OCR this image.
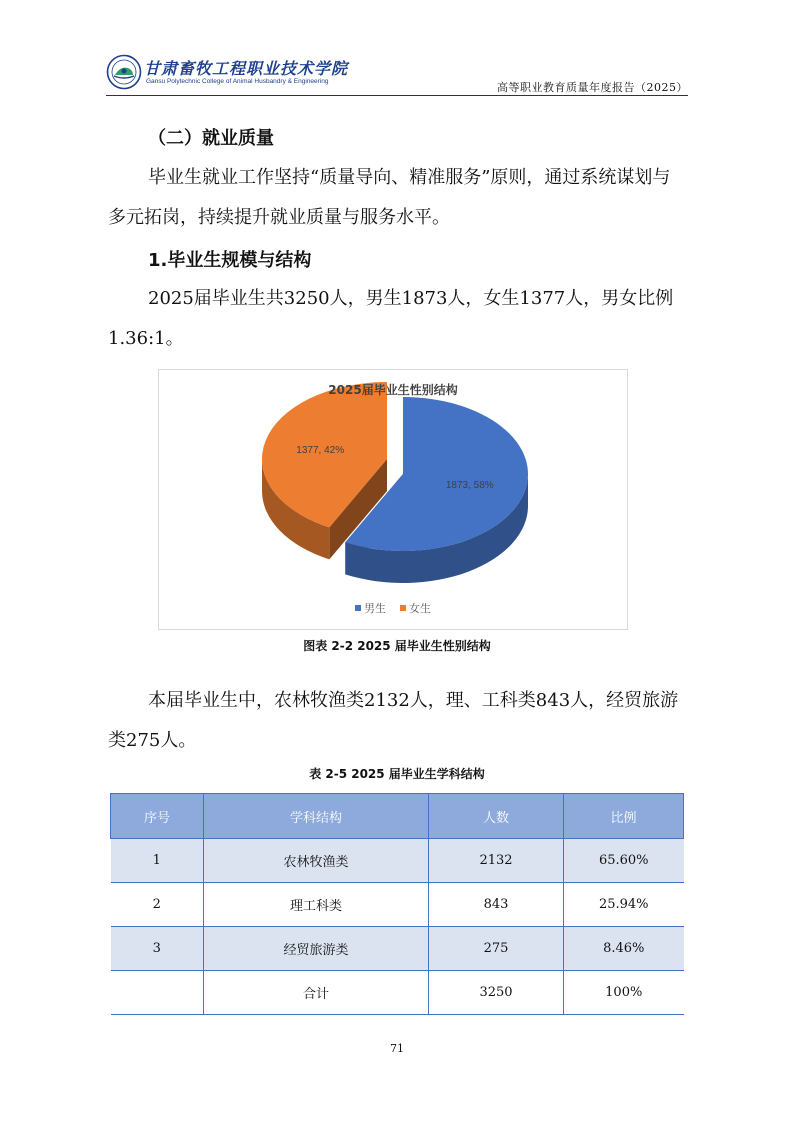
甘肃畜牧工程职业技术学院
Gansu Polytechnic College of Animal Husbandry & Engineering	高等职业教育质量年度报告（2025）
（二）就业质量

毕业生就业工作坚持“质量导向、精准服务”原则，通过系统谋划与多元拓岗，持续提升就业质量与服务水平。

1.毕业生规模与结构

2025届毕业生共3250人，男生1873人，女生1377人，男女比例1.36:1。

1873, 58%
1377, 42%
2025届毕业生性别结构
男生 女生
图表 2-2 2025 届毕业生性别结构

本届毕业生中，农林牧渔类2132人，理、工科类843人，经贸旅游类275人。

表 2-5 2025 届毕业生学科结构
序号	学科结构	人数	比例
1	农林牧渔类	2132	65.60%
2	理工科类	843	25.94%
3	经贸旅游类	275	8.46%
	合计	3250	100%
71
